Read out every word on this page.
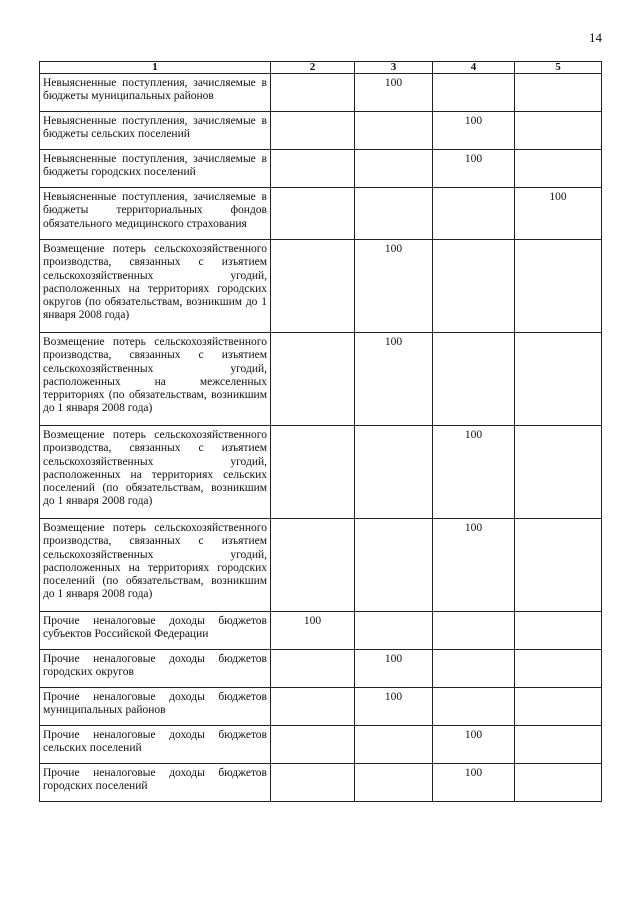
14
1	2	3	4	5
Невыясненные поступления, зачисляемые в бюджеты муниципальных районов		100		
Невыясненные поступления, зачисляемые в бюджеты сельских поселений			100	
Невыясненные поступления, зачисляемые в бюджеты городских поселений			100	
Невыясненные поступления, зачисляемые в бюджеты территориальных фондов обязательного медицинского страхования				100
Возмещение потерь сельскохозяйственного производства, связанных с изъятием сельскохозяйственных угодий, расположенных на территориях городских округов (по обязательствам, возникшим до 1 января 2008 года)		100		
Возмещение потерь сельскохозяйственного производства, связанных с изъятием сельскохозяйственных угодий, расположенных на межселенных территориях (по обязательствам, возникшим до 1 января 2008 года)		100		
Возмещение потерь сельскохозяйственного производства, связанных с изъятием сельскохозяйственных угодий, расположенных на территориях сельских поселений (по обязательствам, возникшим до 1 января 2008 года)			100	
Возмещение потерь сельскохозяйственного производства, связанных с изъятием сельскохозяйственных угодий, расположенных на территориях городских поселений (по обязательствам, возникшим до 1 января 2008 года)			100	
Прочие неналоговые доходы бюджетов субъектов Российской Федерации	100			
Прочие неналоговые доходы бюджетов городских округов		100		
Прочие неналоговые доходы бюджетов муниципальных районов		100		
Прочие неналоговые доходы бюджетов сельских поселений			100	
Прочие неналоговые доходы бюджетов городских поселений			100	
